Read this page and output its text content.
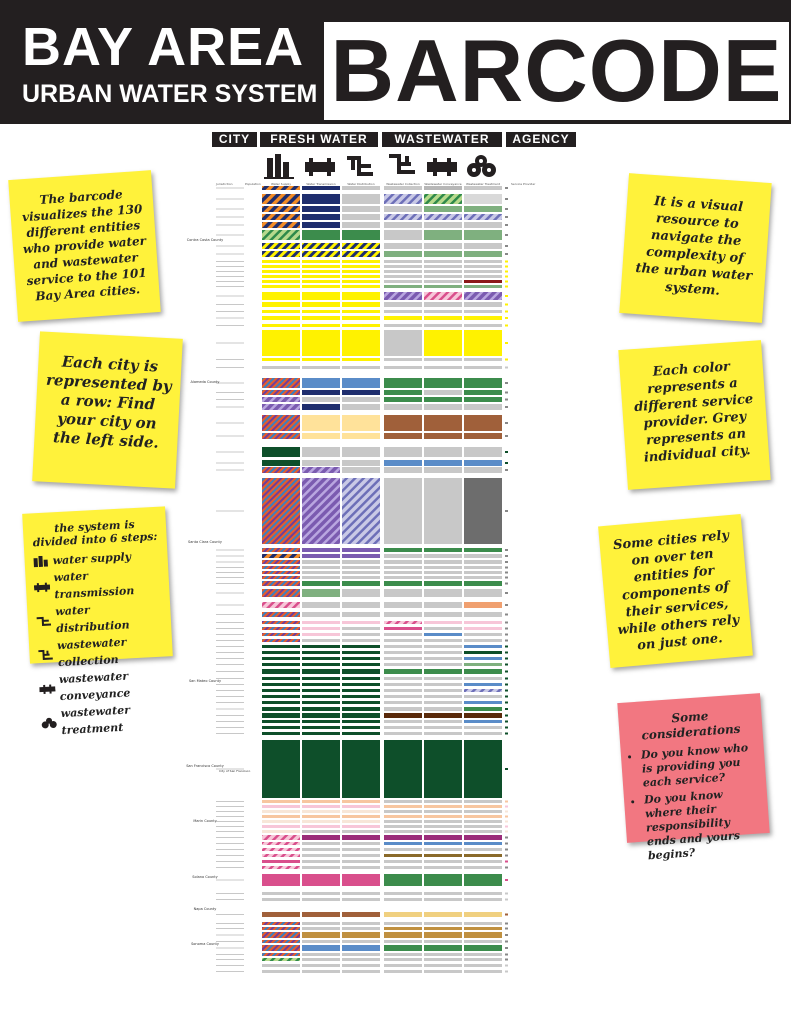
BAY AREA
URBAN WATER SYSTEM BARCODE
CITY	FRESH WATER	WASTEWATER	AGENCY
Jurisdiction	Population	Water Supply	Water Transmission	Water Distribution	Wastewater Collection	Wastewater Conveyance	Wastewater Treatment	Service Provider
Contra Costa County
Alameda County
Santa Clara County
San Mateo County
San Francisco County
Marin County
Solano County
Napa County
Sonoma County
City of San Francisco
The barcode visualizes the 130 different entities who provide water and wastewater service to the 101 Bay Area cities.
Each city is represented by a row: Find your city on the left side.
the system is divided into 6 steps:
water supply
water transmission
water distribution
wastewater collection
wastewater conveyance
wastewater treatment
It is a visual resource to navigate the complexity of the urban water system.
Each color represents a different service provider. Grey represents an individual city.
Some cities rely on over ten entities for components of their services, while others rely on just one.
Some considerations
• Do you know who is providing you each service?
• Do you know where their responsibility ends and yours begins?
